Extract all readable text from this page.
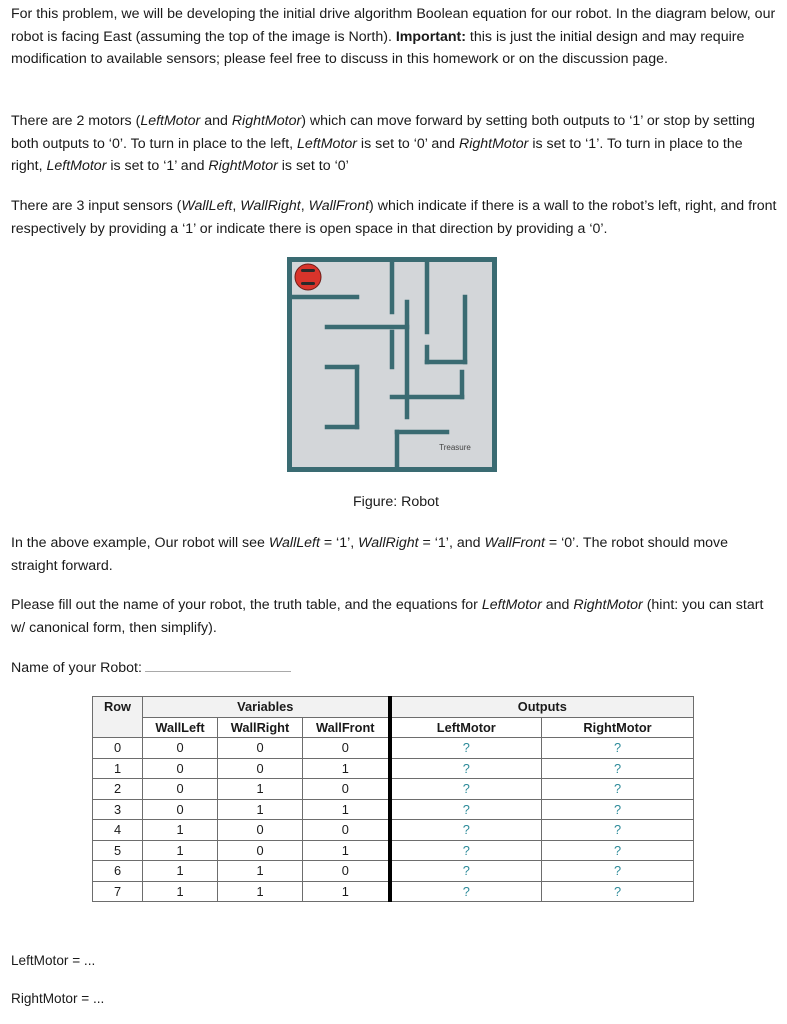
For this problem, we will be developing the initial drive algorithm Boolean equation for our robot. In the diagram below, our robot is facing East (assuming the top of the image is North). Important: this is just the initial design and may require modification to available sensors; please feel free to discuss in this homework or on the discussion page.
There are 2 motors (LeftMotor and RightMotor) which can move forward by setting both outputs to ‘1’ or stop by setting both outputs to ‘0’. To turn in place to the left, LeftMotor is set to ‘0’ and RightMotor is set to ‘1’. To turn in place to the right, LeftMotor is set to ‘1’ and RightMotor is set to ‘0’
There are 3 input sensors (WallLeft, WallRight, WallFront) which indicate if there is a wall to the robot’s left, right, and front respectively by providing a ‘1’ or indicate there is open space in that direction by providing a ‘0’.
Treasure
Figure: Robot
In the above example, Our robot will see WallLeft = ‘1’, WallRight = ‘1’, and WallFront = ‘0’. The robot should move straight forward.
Please fill out the name of your robot, the truth table, and the equations for LeftMotor and RightMotor (hint: you can start w/ canonical form, then simplify).
Name of your Robot:
Row	Variables			Outputs	
	WallLeft	WallRight	WallFront	LeftMotor	RightMotor
0	0	0	0	?	?
1	0	0	1	?	?
2	0	1	0	?	?
3	0	1	1	?	?
4	1	0	0	?	?
5	1	0	1	?	?
6	1	1	0	?	?
7	1	1	1	?	?
LeftMotor = ...
RightMotor = ...
